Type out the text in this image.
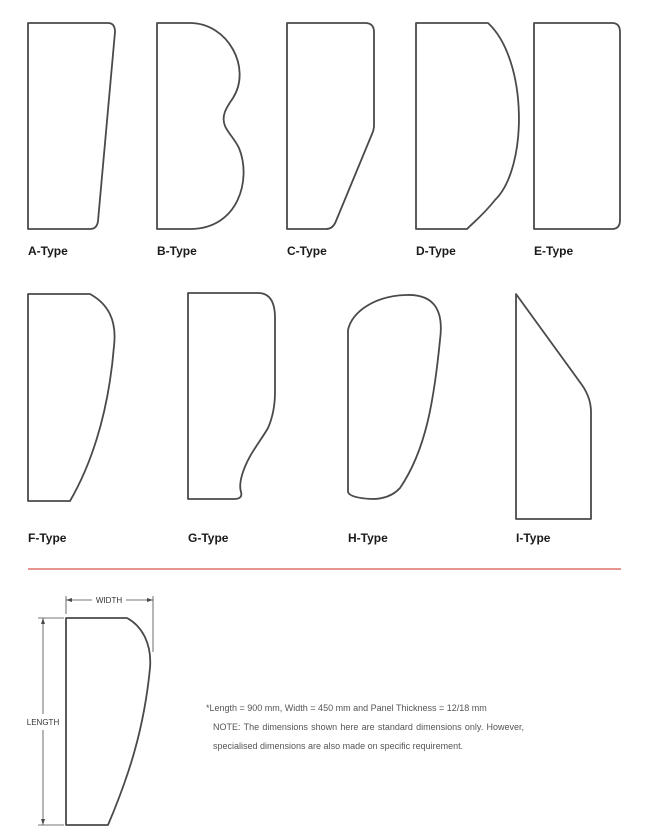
WIDTH
LENGTH
A-Type	B-Type	C-Type	D-Type	E-Type
F-Type	G-Type	H-Type	I-Type
*Length = 900 mm, Width = 450 mm and Panel Thickness = 12/18 mm
NOTE: The dimensions shown here are standard dimensions only. However, specialised dimensions are also made on specific requirement.
